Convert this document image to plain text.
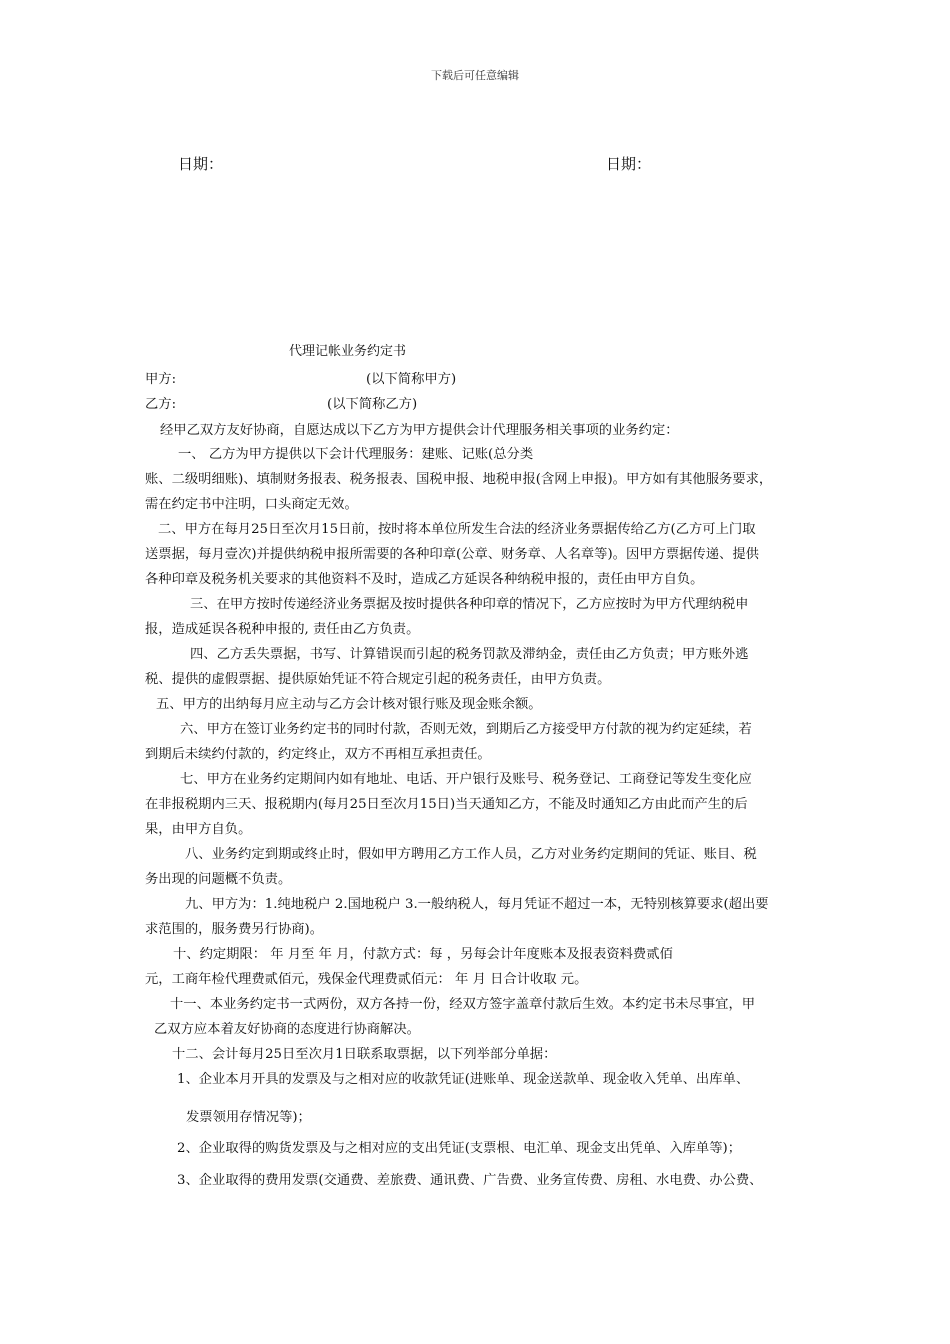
下载后可任意编辑
日期：	日期：
代理记帐业务约定书
甲方:	(以下简称甲方)
乙方:	(以下简称乙方)
经甲乙双方友好协商，自愿达成以下乙方为甲方提供会计代理服务相关事项的业务约定：
一、 乙方为甲方提供以下会计代理服务：建账、记账(总分类
账、二级明细账)、填制财务报表、税务报表、国税申报、地税申报(含网上申报)。甲方如有其他服务要求，
需在约定书中注明，口头商定无效。
二、甲方在每月25日至次月15日前，按时将本单位所发生合法的经济业务票据传给乙方(乙方可上门取
送票据，每月壹次)并提供纳税申报所需要的各种印章(公章、财务章、人名章等)。因甲方票据传递、提供
各种印章及税务机关要求的其他资料不及时，造成乙方延误各种纳税申报的，责任由甲方自负。
三、在甲方按时传递经济业务票据及按时提供各种印章的情况下，乙方应按时为甲方代理纳税申
报，造成延误各税种申报的, 责任由乙方负责。
四、乙方丢失票据，书写、计算错误而引起的税务罚款及滞纳金，责任由乙方负责；甲方账外逃
税、提供的虚假票据、提供原始凭证不符合规定引起的税务责任，由甲方负责。
五、甲方的出纳每月应主动与乙方会计核对银行账及现金账余额。
六、甲方在签订业务约定书的同时付款，否则无效，到期后乙方接受甲方付款的视为约定延续，若
到期后未续约付款的，约定终止，双方不再相互承担责任。
七、甲方在业务约定期间内如有地址、电话、开户银行及账号、税务登记、工商登记等发生变化应
在非报税期内三天、报税期内(每月25日至次月15日)当天通知乙方，不能及时通知乙方由此而产生的后
果，由甲方自负。
八、业务约定到期或终止时，假如甲方聘用乙方工作人员，乙方对业务约定期间的凭证、账目、税
务出现的问题概不负责。
九、甲方为：1.纯地税户 2.国地税户 3.一般纳税人，每月凭证不超过一本，无特别核算要求(超出要
求范围的，服务费另行协商)。
十、约定期限： 年 月至 年 月，付款方式：每 ，另每会计年度账本及报表资料费贰佰
元，工商年检代理费贰佰元，残保金代理费贰佰元： 年 月 日合计收取 元。
十一、本业务约定书一式两份，双方各持一份，经双方签字盖章付款后生效。本约定书未尽事宜，甲
乙双方应本着友好协商的态度进行协商解决。
十二、会计每月25日至次月1日联系取票据，以下列举部分单据：
1、企业本月开具的发票及与之相对应的收款凭证(进账单、现金送款单、现金收入凭单、出库单、
发票领用存情况等)；
2、企业取得的购货发票及与之相对应的支出凭证(支票根、电汇单、现金支出凭单、入库单等)；
3、企业取得的费用发票(交通费、差旅费、通讯费、广告费、业务宣传费、房租、水电费、办公费、
